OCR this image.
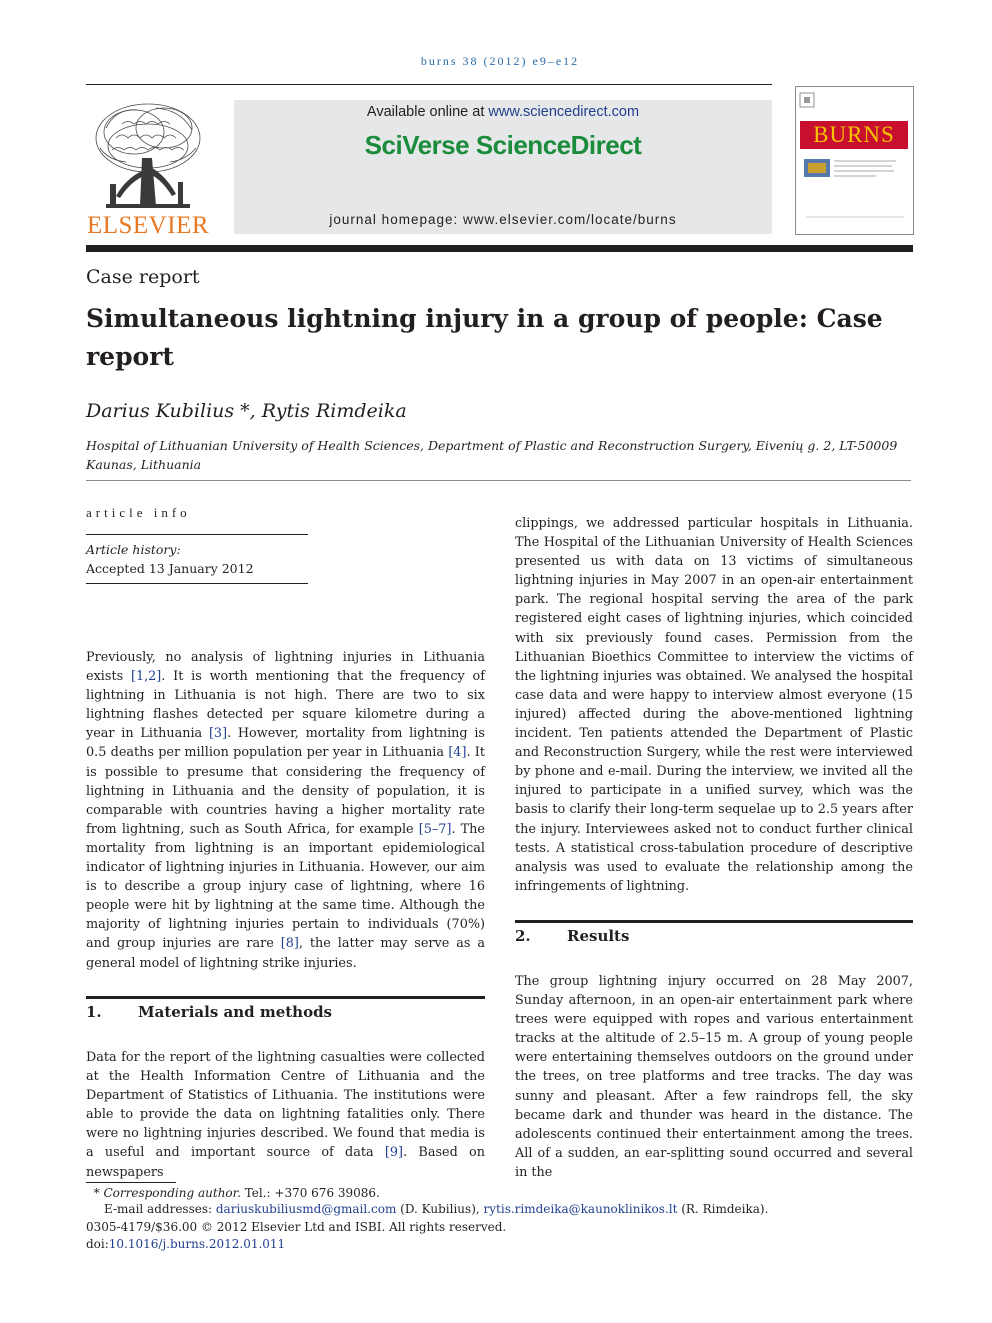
burns 38 (2012) e9–e12
ELSEVIER
Available online at www.sciencedirect.com
SciVerse ScienceDirect
journal homepage: www.elsevier.com/locate/burns
BURNS
Case report
Simultaneous lightning injury in a group of people: Case report
Darius Kubilius *, Rytis Rimdeika
Hospital of Lithuanian University of Health Sciences, Department of Plastic and Reconstruction Surgery, Eivenių g. 2, LT-50009 Kaunas, Lithuania
article info
Article history:
Accepted 13 January 2012

Previously, no analysis of lightning injuries in Lithuania exists [1,2]. It is worth mentioning that the frequency of lightning in Lithuania is not high. There are two to six lightning flashes detected per square kilometre during a year in Lithuania [3]. However, mortality from lightning is 0.5 deaths per million population per year in Lithuania [4]. It is possible to presume that considering the frequency of lightning in Lithuania and the density of population, it is comparable with countries having a higher mortality rate from lightning, such as South Africa, for example [5–7]. The mortality from lightning is an important epidemiological indicator of lightning injuries in Lithuania. However, our aim is to describe a group injury case of lightning, where 16 people were hit by lightning at the same time. Although the majority of lightning injuries pertain to individuals (70%) and group injuries are rare [8], the latter may serve as a general model of lightning strike injuries.

1. Materials and methods

Data for the report of the lightning casualties were collected at the Health Information Centre of Lithuania and the Department of Statistics of Lithuania. The institutions were able to provide the data on lightning fatalities only. There were no lightning injuries described. We found that media is a useful and important source of data [9]. Based on newspapers

clippings, we addressed particular hospitals in Lithuania. The Hospital of the Lithuanian University of Health Sciences presented us with data on 13 victims of simultaneous lightning injuries in May 2007 in an open-air entertainment park. The regional hospital serving the area of the park registered eight cases of lightning injuries, which coincided with six previously found cases. Permission from the Lithuanian Bioethics Committee to interview the victims of the lightning injuries was obtained. We analysed the hospital case data and were happy to interview almost everyone (15 injured) affected during the above-mentioned lightning incident. Ten patients attended the Department of Plastic and Reconstruction Surgery, while the rest were interviewed by phone and e-mail. During the interview, we invited all the injured to participate in a unified survey, which was the basis to clarify their long-term sequelae up to 2.5 years after the injury. Interviewees asked not to conduct further clinical tests. A statistical cross-tabulation procedure of descriptive analysis was used to evaluate the relationship among the infringements of lightning.

2. Results

The group lightning injury occurred on 28 May 2007, Sunday afternoon, in an open-air entertainment park where trees were equipped with ropes and various entertainment tracks at the altitude of 2.5–15 m. A group of young people were entertaining themselves outdoors on the ground under the trees, on tree platforms and tree tracks. The day was sunny and pleasant. After a few raindrops fell, the sky became dark and thunder was heard in the distance. The adolescents continued their entertainment among the trees. All of a sudden, an ear-splitting sound occurred and several in the

* Corresponding author. Tel.: +370 676 39086.
E-mail addresses: dariuskubiliusmd@gmail.com (D. Kubilius), rytis.rimdeika@kaunoklinikos.lt (R. Rimdeika).
0305-4179/$36.00 © 2012 Elsevier Ltd and ISBI. All rights reserved.
doi:10.1016/j.burns.2012.01.011
